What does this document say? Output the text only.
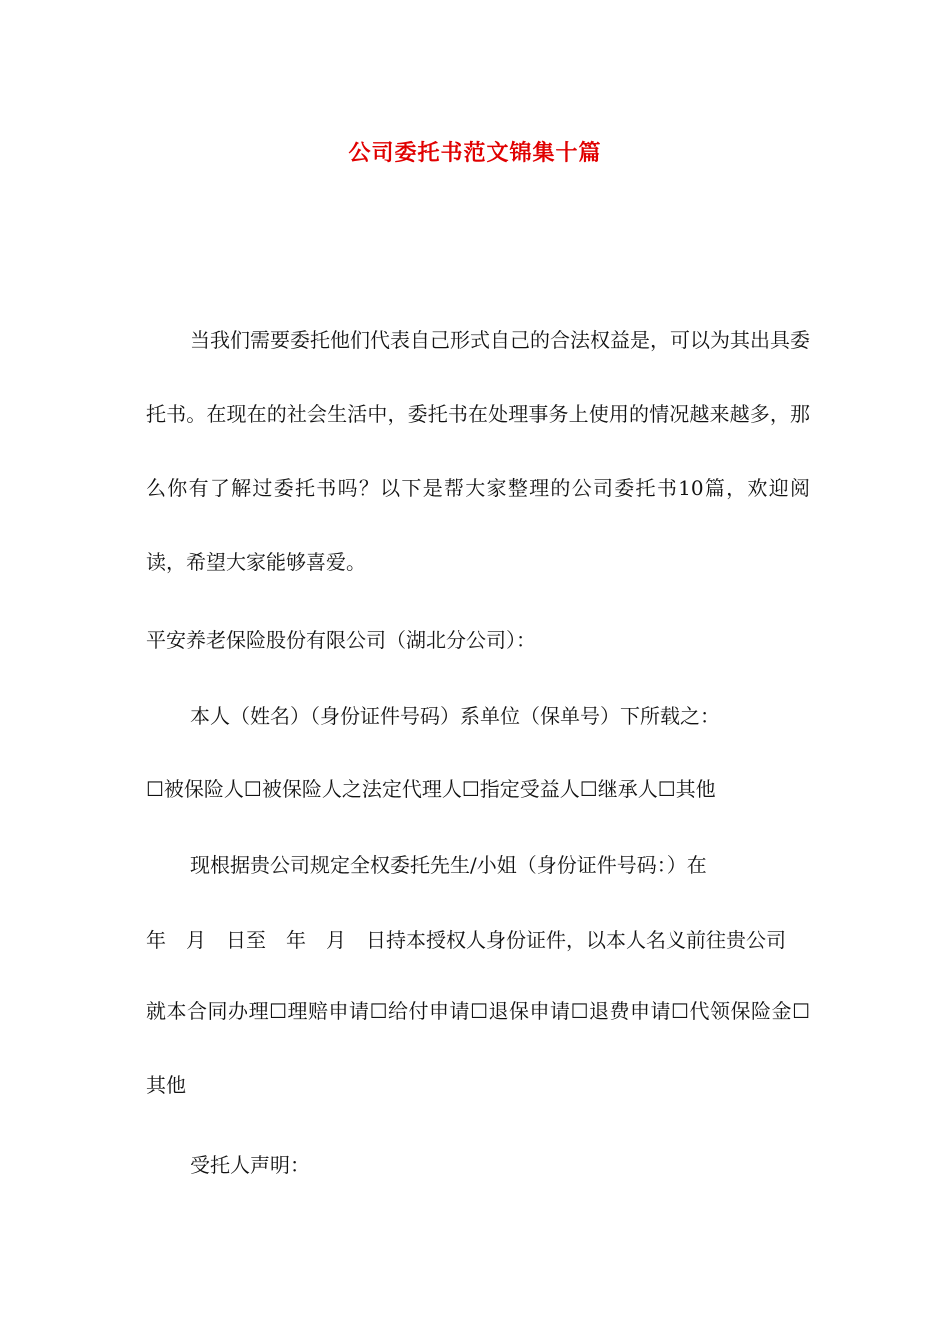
公司委托书范文锦集十篇
当我们需要委托他们代表自己形式自己的合法权益是，可以为其出具委托书。在现在的社会生活中，委托书在处理事务上使用的情况越来越多，那么你有了解过委托书吗？以下是帮大家整理的公司委托书10篇，欢迎阅读，希望大家能够喜爱。
平安养老保险股份有限公司（湖北分公司）：
本人（姓名）（身份证件号码）系单位（保单号）下所载之：
☐被保险人☐被保险人之法定代理人☐指定受益人☐继承人☐其他
现根据贵公司规定全权委托先生/小姐（身份证件号码：）在
年　月　日至　年　月　日持本授权人身份证件，以本人名义前往贵公司
就本合同办理☐理赔申请☐给付申请☐退保申请☐退费申请☐代领保险金☐其他
受托人声明：
